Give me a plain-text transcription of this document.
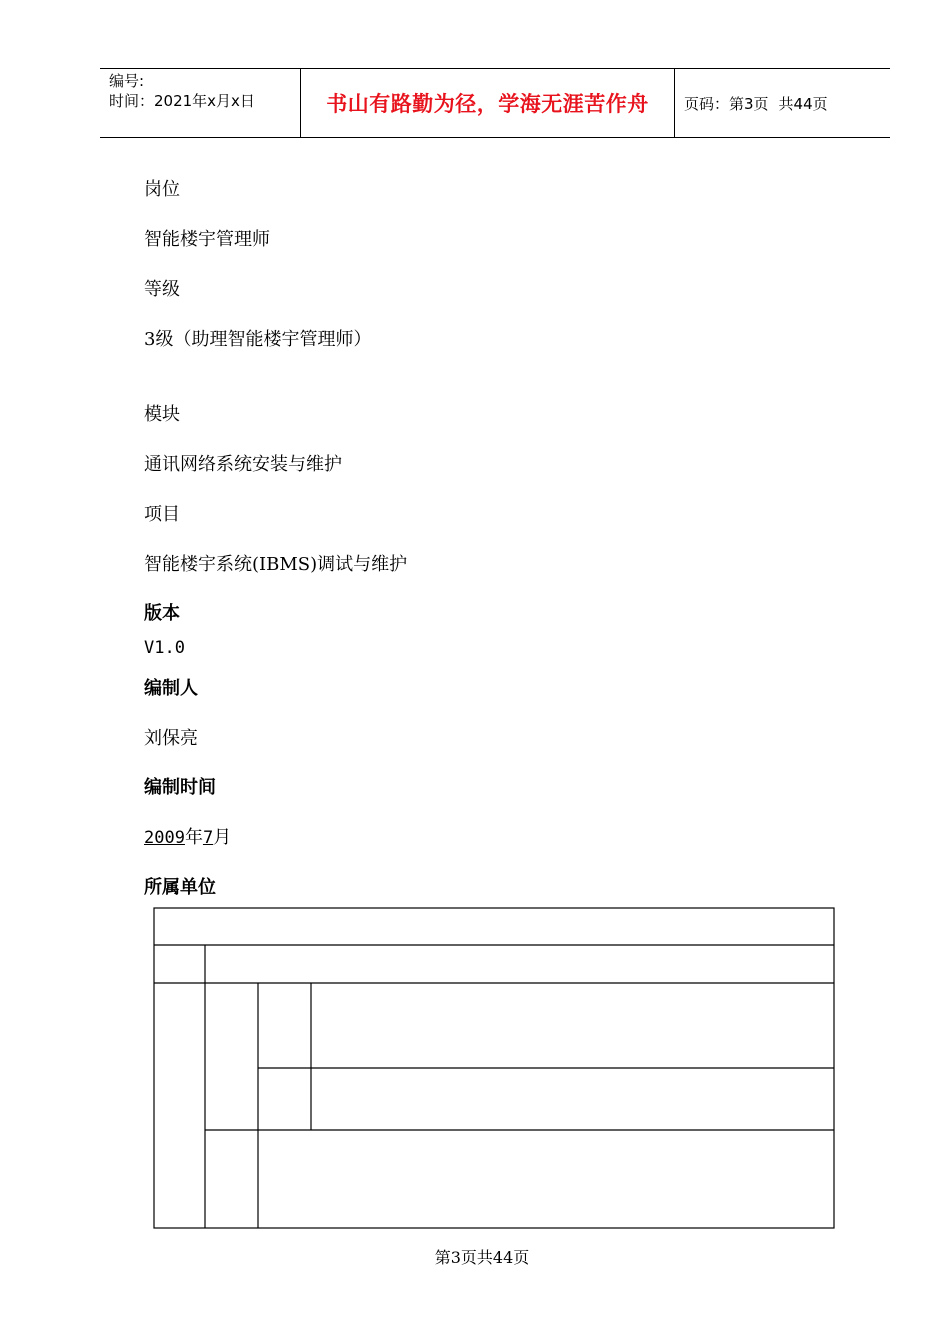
编号:
时间：2021年x月x日	书山有路勤为径，学海无涯苦作舟	页码：第3页 共44页
岗位
智能楼宇管理师
等级
3级（助理智能楼宇管理师）
模块
通讯网络系统安装与维护
项目
智能楼宇系统(IBMS)调试与维护
版本
V1.0
编制人
刘保亮
编制时间
2009年7月
所属单位
第3页共44页
